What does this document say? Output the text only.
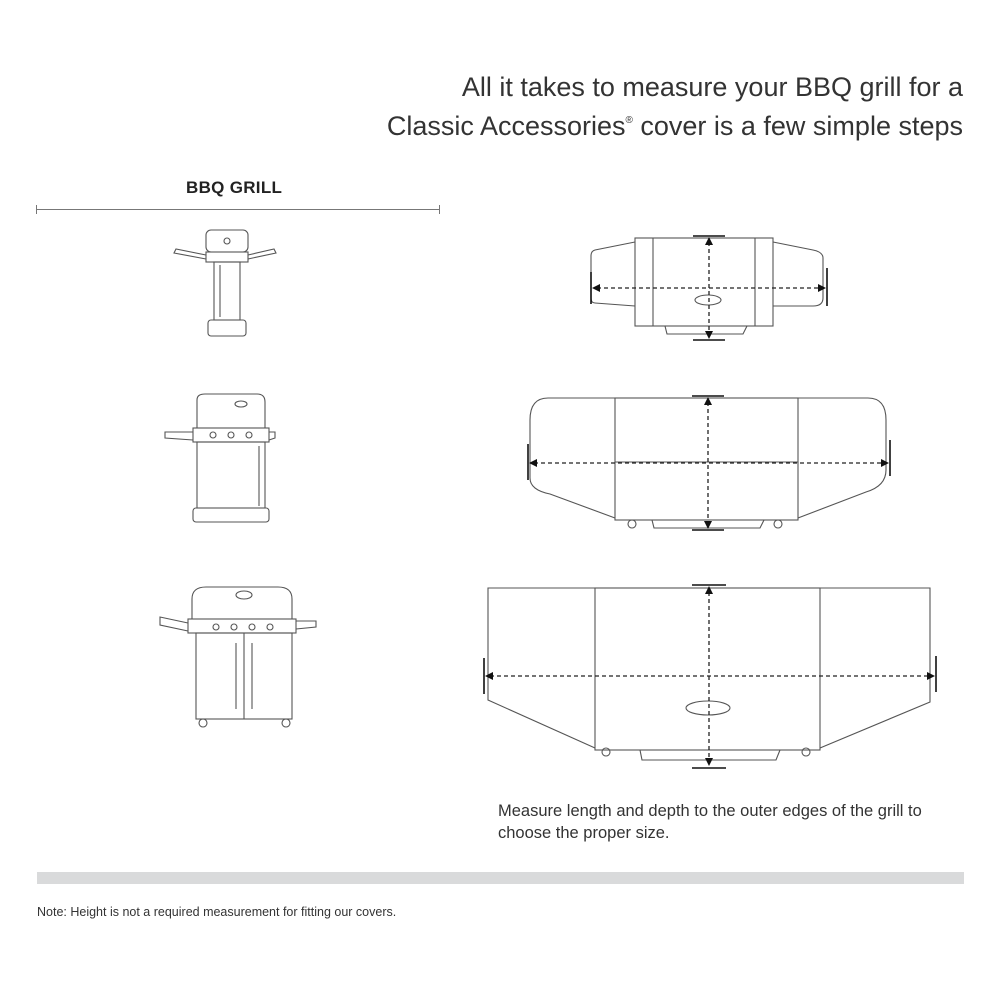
All it takes to measure your BBQ grill for a
Classic Accessories® cover is a few simple steps
BBQ GRILL

Measure length and depth to the outer edges of the grill to choose the proper size.

Note: Height is not a required measurement for fitting our covers.
